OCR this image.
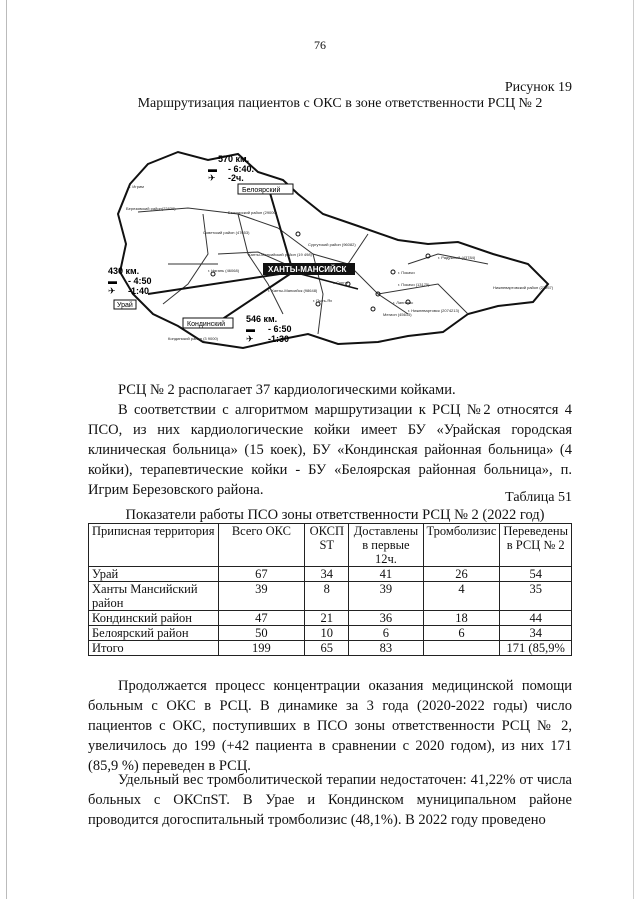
76
Рисунок 19
Маршрутизация пациентов с ОКС в зоне ответственности РСЦ № 2
ХАНТЫ-МАНСИЙСК
Белоярский
570 км.
▬ - 6:40.
✈ -2ч.
430 км.
▬ - 4:50
✈ -1:40
Урай
Кондинский
546 км.
▬ - 6:50
✈ -1:30
п. Игрим
Березовский район(22820)
Белоярский район (29000)
Сургутский район (96082)
Советский район (47653)
Ханты-Мансийский район (19 498)
г. Нягань (46068)
г. Ханты-Мансийск (98648)
г. Сургут
г. Пыть-Ях	г. Лангепас
г. Покачи
г. Нижневартовск (2074213)
Нижневартовский район (27957)
г. Радужный (43784)
Кондинский район (3 9000)
г. Покачи (13175)
Мегион (45615)
РСЦ № 2 располагает 37 кардиологическими койками.
В соответствии с алгоритмом маршрутизации к РСЦ №2 относятся 4 ПСО, из них кардиологические койки имеет БУ «Урайская городская клиническая больница» (15 коек), БУ «Кондинская районная больница» (4 койки), терапевтические койки - БУ «Белоярская районная больница», п. Игрим Березовского района.	Таблица 51
Показатели работы ПСО зоны ответственности РСЦ № 2 (2022 год)
Приписная территория	Всего ОКС	ОКСП ST	Доставлены в первые 12ч.	Тромболизис	Переведены в РСЦ № 2
Урай	67	34	41	26	54
Ханты Мансийский район	39	8	39	4	35
Кондинский район	47	21	36	18	44
Белоярский район	50	10	6	6	34
Итого	199	65	83		171 (85,9%
Продолжается процесс концентрации оказания медицинской помощи больным с ОКС в РСЦ. В динамике за 3 года (2020-2022 годы) число пациентов с ОКС, поступивших в ПСО зоны ответственности РСЦ № 2, увеличилось до 199 (+42 пациента в сравнении с 2020 годом), из них 171 (85,9 %) переведен в РСЦ.
Удельный вес тромболитической терапии недостаточен: 41,22% от числа больных с ОКСпST. В Урае и Кондинском муниципальном районе проводится догоспитальный тромболизис (48,1%). В 2022 году проведено
